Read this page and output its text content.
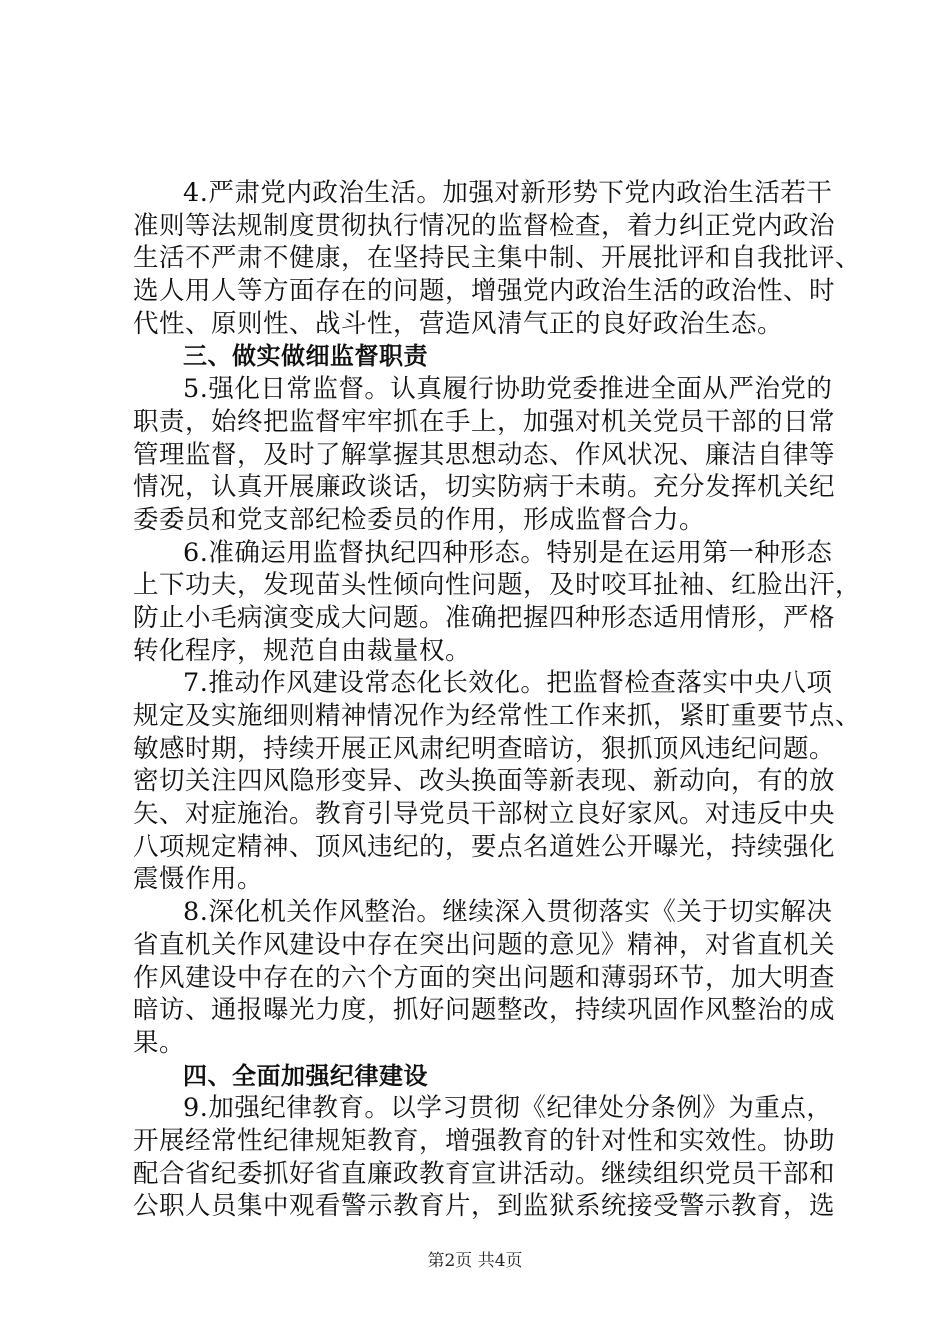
4.严肃党内政治生活。加强对新形势下党内政治生活若干
准则等法规制度贯彻执行情况的监督检查，着力纠正党内政治
生活不严肃不健康，在坚持民主集中制、开展批评和自我批评、
选人用人等方面存在的问题，增强党内政治生活的政治性、时
代性、原则性、战斗性，营造风清气正的良好政治生态。
三、做实做细监督职责
5.强化日常监督。认真履行协助党委推进全面从严治党的
职责，始终把监督牢牢抓在手上，加强对机关党员干部的日常
管理监督，及时了解掌握其思想动态、作风状况、廉洁自律等
情况，认真开展廉政谈话，切实防病于未萌。充分发挥机关纪
委委员和党支部纪检委员的作用，形成监督合力。
6.准确运用监督执纪四种形态。特别是在运用第一种形态
上下功夫，发现苗头性倾向性问题，及时咬耳扯袖、红脸出汗，
防止小毛病演变成大问题。准确把握四种形态适用情形，严格
转化程序，规范自由裁量权。
7.推动作风建设常态化长效化。把监督检查落实中央八项
规定及实施细则精神情况作为经常性工作来抓，紧盯重要节点、
敏感时期，持续开展正风肃纪明查暗访，狠抓顶风违纪问题。
密切关注四风隐形变异、改头换面等新表现、新动向，有的放
矢、对症施治。教育引导党员干部树立良好家风。对违反中央
八项规定精神、顶风违纪的，要点名道姓公开曝光，持续强化
震慑作用。
8.深化机关作风整治。继续深入贯彻落实《关于切实解决
省直机关作风建设中存在突出问题的意见》精神，对省直机关
作风建设中存在的六个方面的突出问题和薄弱环节，加大明查
暗访、通报曝光力度，抓好问题整改，持续巩固作风整治的成
果。
四、全面加强纪律建设
9.加强纪律教育。以学习贯彻《纪律处分条例》为重点，
开展经常性纪律规矩教育，增强教育的针对性和实效性。协助
配合省纪委抓好省直廉政教育宣讲活动。继续组织党员干部和
公职人员集中观看警示教育片，到监狱系统接受警示教育，选
第2页 共4页
